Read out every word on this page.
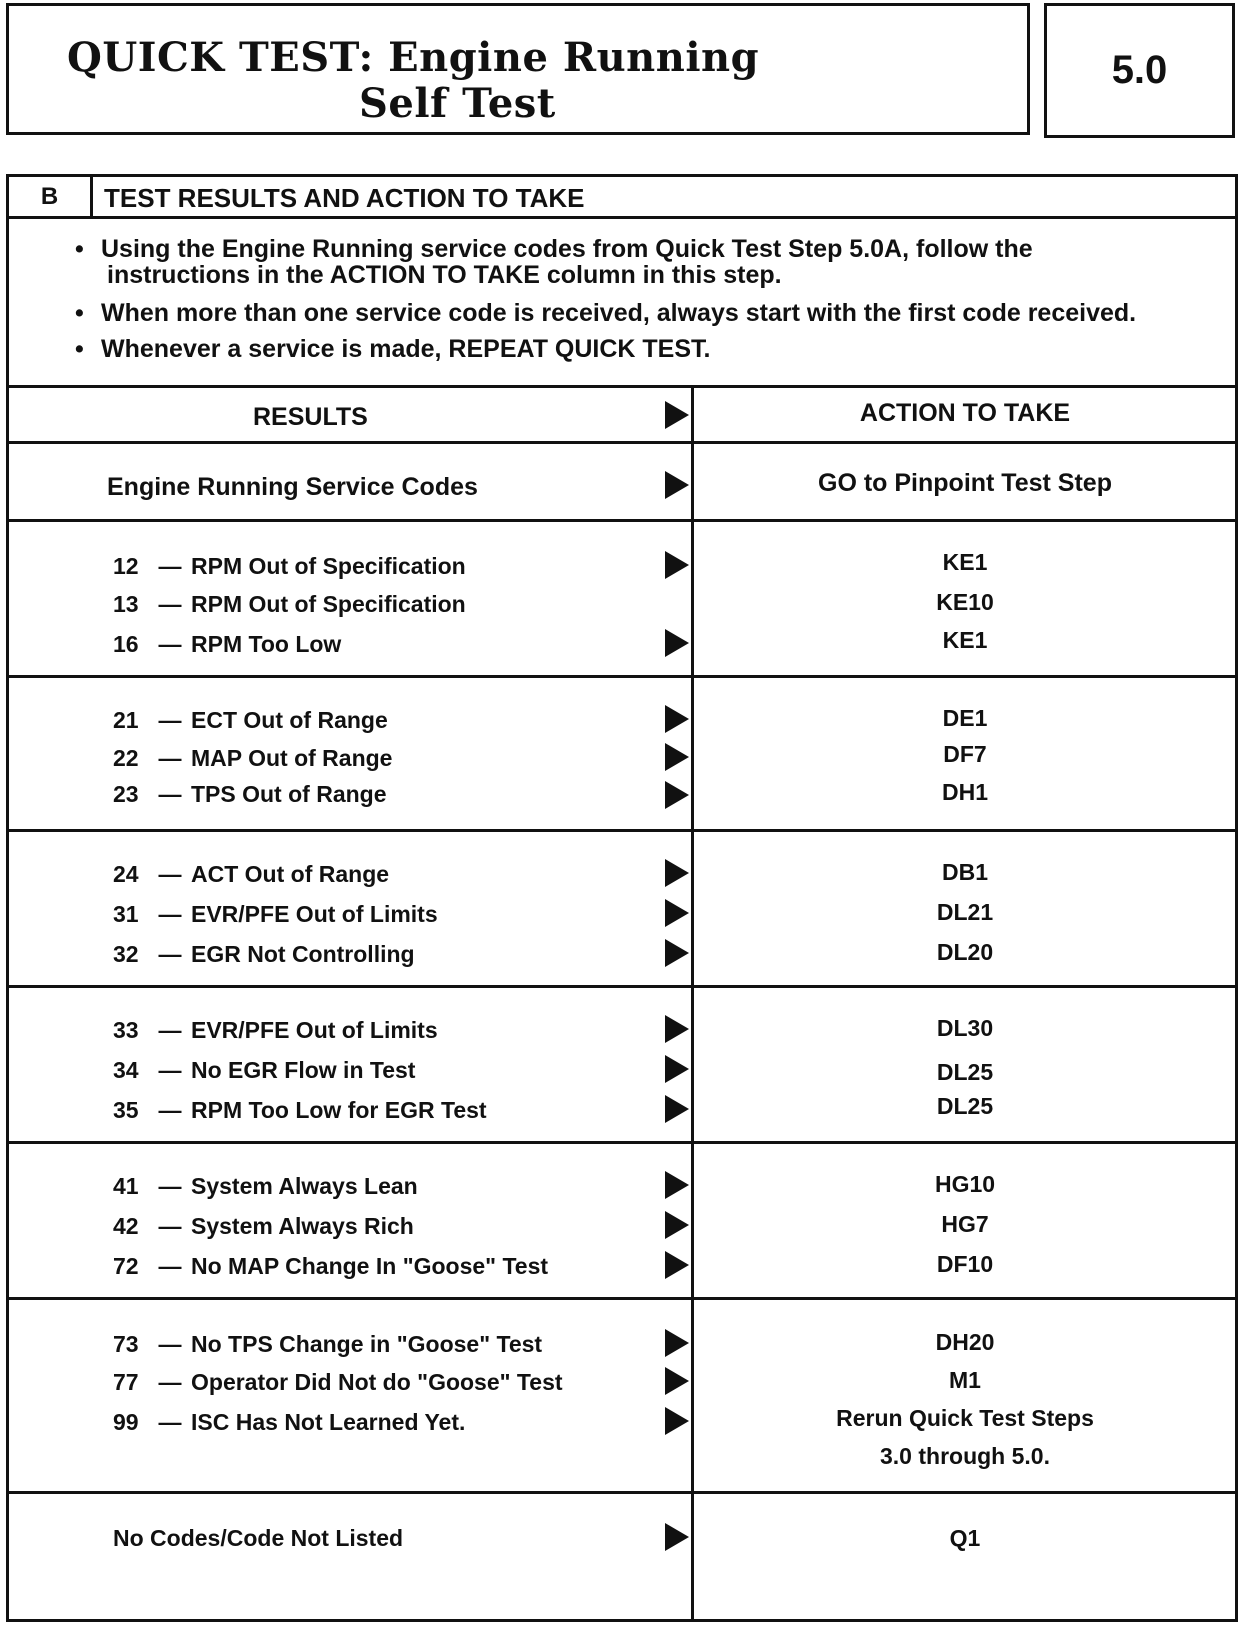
QUICK TEST: Engine Running
Self Test
5.0
B	TEST RESULTS AND ACTION TO TAKE
• Using the Engine Running service codes from Quick Test Step 5.0A, follow the
instructions in the ACTION TO TAKE column in this step.
• When more than one service code is received, always start with the first code received.
• Whenever a service is made, REPEAT QUICK TEST.
RESULTS	ACTION TO TAKE
Engine Running Service Codes	GO to Pinpoint Test Step
12 — RPM Out of Specification	KE1
13 — RPM Out of Specification	KE10
16 — RPM Too Low	KE1
21 — ECT Out of Range	DE1
22 — MAP Out of Range	DF7
23 — TPS Out of Range	DH1
24 — ACT Out of Range	DB1
31 — EVR/PFE Out of Limits	DL21
32 — EGR Not Controlling	DL20
33 — EVR/PFE Out of Limits	DL30
34 — No EGR Flow in Test	DL25
35 — RPM Too Low for EGR Test	DL25
41 — System Always Lean	HG10
42 — System Always Rich	HG7
72 — No MAP Change In "Goose" Test	DF10
73 — No TPS Change in "Goose" Test	DH20
77 — Operator Did Not do "Goose" Test	M1
99 — ISC Has Not Learned Yet.	Rerun Quick Test Steps
3.0 through 5.0.
No Codes/Code Not Listed	Q1
